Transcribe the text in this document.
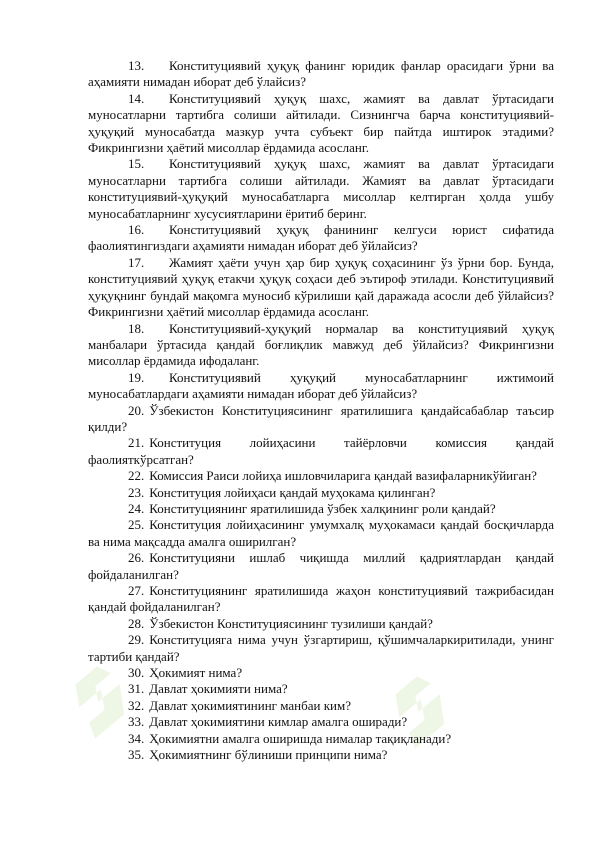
13. Конституциявий ҳуқуқ фанинг юридик фанлар орасидаги ўрни ва аҳамияти нимадан иборат деб ўлайсиз?

14. Конституциявий ҳуқуқ шахс, жамият ва давлат ўртасидаги муносатларни тартибга солиши айтилади. Сизнингча барча конституциявий-ҳуқуқий муносабатда мазкур учта субъект бир пайтда иштирок этадими? Фикрингизни ҳаётий мисоллар ёрдамида асосланг.

15. Конституциявий ҳуқуқ шахс, жамият ва давлат ўртасидаги муносатларни тартибга солиши айтилади. Жамият ва давлат ўртасидаги конституциявий-ҳуқуқий муносабатларга мисоллар келтирган ҳолда ушбу муносабатларнинг хусусиятларини ёритиб беринг.

16. Конституциявий ҳуқуқ фанининг келгуси юрист сифатида фаолиятингиздаги аҳамияти нимадан иборат деб ўйлайсиз?

17. Жамият ҳаёти учун ҳар бир ҳуқуқ соҳасининг ўз ўрни бор. Бунда, конституциявий ҳуқуқ етакчи ҳуқуқ соҳаси деб эътироф этилади. Конституциявий ҳуқуқнинг бундай мақомга муносиб кўрилиши қай даражада асосли деб ўйлайсиз? Фикрингизни ҳаётий мисоллар ёрдамида асосланг.

18. Конституциявий-ҳуқуқий нормалар ва конституциявий ҳуқуқ манбалари ўртасида қандай боғлиқлик мавжуд деб ўйлайсиз? Фикрингизни мисоллар ёрдамида ифодаланг.

19. Конституциявий ҳуқуқий муносабатларнинг ижтимоий муносабатлардаги аҳамияти нимадан иборат деб ўйлайсиз?

20. Ўзбекистон Конституциясининг яратилишига қандайсабаблар таъсир қилди?

21. Конституция лойиҳасини тайёрловчи комиссия қандай фаолияткўрсатган?

22. Комиссия Раиси лойиҳа ишловчиларига қандай вазифаларникўйиган?

23. Конституция лойиҳаси қандай муҳокама қилинган?

24. Конституциянинг яратилишида ўзбек халқининг роли қандай?

25. Конституция лойиҳасининг умумхалқ муҳокамаси қандай босқичларда ва нима мақсадда амалга оширилган?

26. Конституцияни ишлаб чиқишда миллий қадриятлардан қандай фойдаланилган?

27. Конституциянинг яратилишида жаҳон конституциявий тажрибасидан қандай фойдаланилган?

28. Ўзбекистон Конституциясининг тузилиши қандай?

29. Конституцияга нима учун ўзгартириш, қўшимчаларкиритилади, унинг тартиби қандай?

30. Ҳокимият нима?

31. Давлат ҳокимияти нима?

32. Давлат ҳокимиятининг манбаи ким?

33. Давлат ҳокимиятини кимлар амалга оширади?

34. Ҳокимиятни амалга оширишда нималар тақиқланади?

35. Ҳокимиятнинг бўлиниши принципи нима?
